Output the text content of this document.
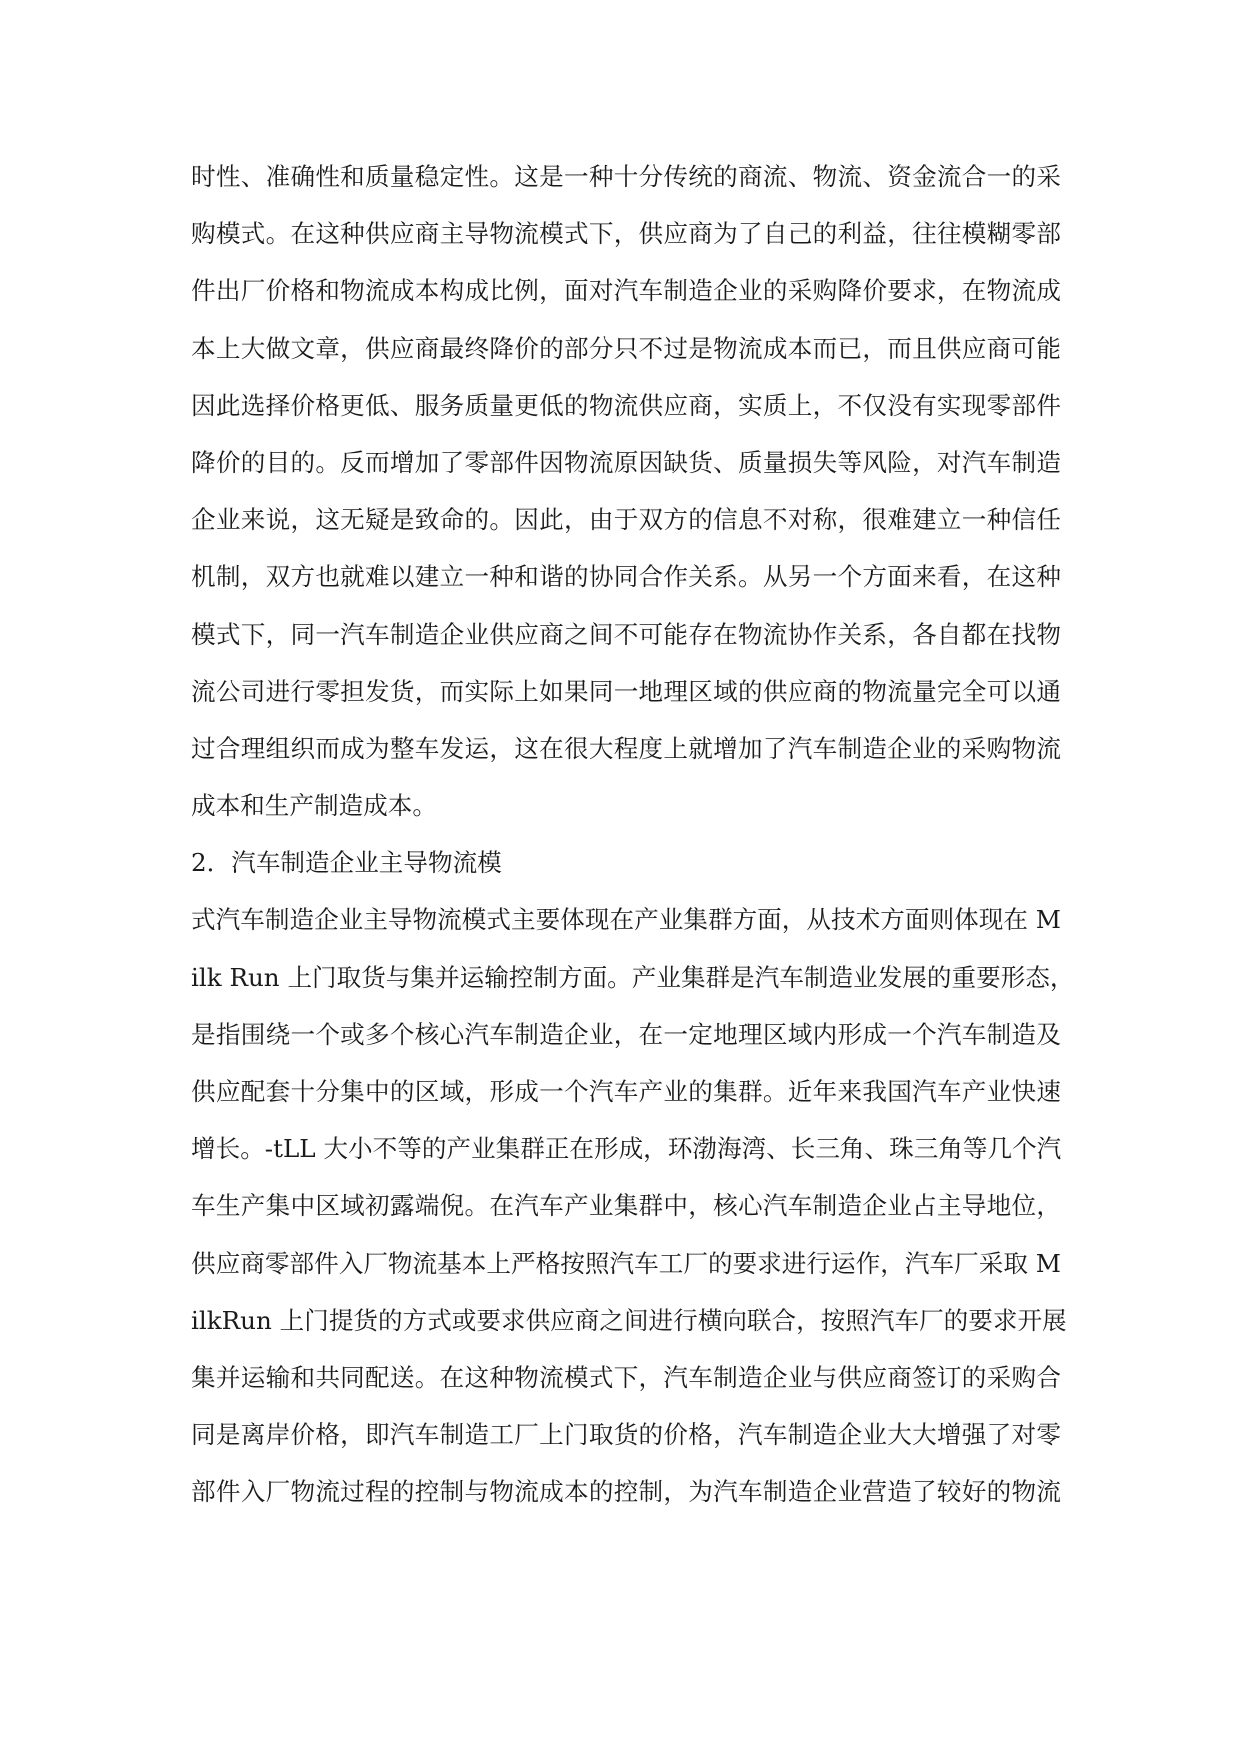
时性、准确性和质量稳定性。这是一种十分传统的商流、物流、资金流合一的采
购模式。在这种供应商主导物流模式下，供应商为了自己的利益，往往模糊零部
件出厂价格和物流成本构成比例，面对汽车制造企业的采购降价要求，在物流成
本上大做文章，供应商最终降价的部分只不过是物流成本而已，而且供应商可能
因此选择价格更低、服务质量更低的物流供应商，实质上，不仅没有实现零部件
降价的目的。反而增加了零部件因物流原因缺货、质量损失等风险，对汽车制造
企业来说，这无疑是致命的。因此，由于双方的信息不对称，很难建立一种信任
机制，双方也就难以建立一种和谐的协同合作关系。从另一个方面来看，在这种
模式下，同一汽车制造企业供应商之间不可能存在物流协作关系，各自都在找物
流公司进行零担发货，而实际上如果同一地理区域的供应商的物流量完全可以通
过合理组织而成为整车发运，这在很大程度上就增加了汽车制造企业的采购物流
成本和生产制造成本。
2．汽车制造企业主导物流模
式汽车制造企业主导物流模式主要体现在产业集群方面，从技术方面则体现在 M
ilk Run 上门取货与集并运输控制方面。产业集群是汽车制造业发展的重要形态，
是指围绕一个或多个核心汽车制造企业，在一定地理区域内形成一个汽车制造及
供应配套十分集中的区域，形成一个汽车产业的集群。近年来我国汽车产业快速
增长。-tLL 大小不等的产业集群正在形成，环渤海湾、长三角、珠三角等几个汽
车生产集中区域初露端倪。在汽车产业集群中，核心汽车制造企业占主导地位，
供应商零部件入厂物流基本上严格按照汽车工厂的要求进行运作，汽车厂采取 M
ilkRun 上门提货的方式或要求供应商之间进行横向联合，按照汽车厂的要求开展
集并运输和共同配送。在这种物流模式下，汽车制造企业与供应商签订的采购合
同是离岸价格，即汽车制造工厂上门取货的价格，汽车制造企业大大增强了对零
部件入厂物流过程的控制与物流成本的控制，为汽车制造企业营造了较好的物流
